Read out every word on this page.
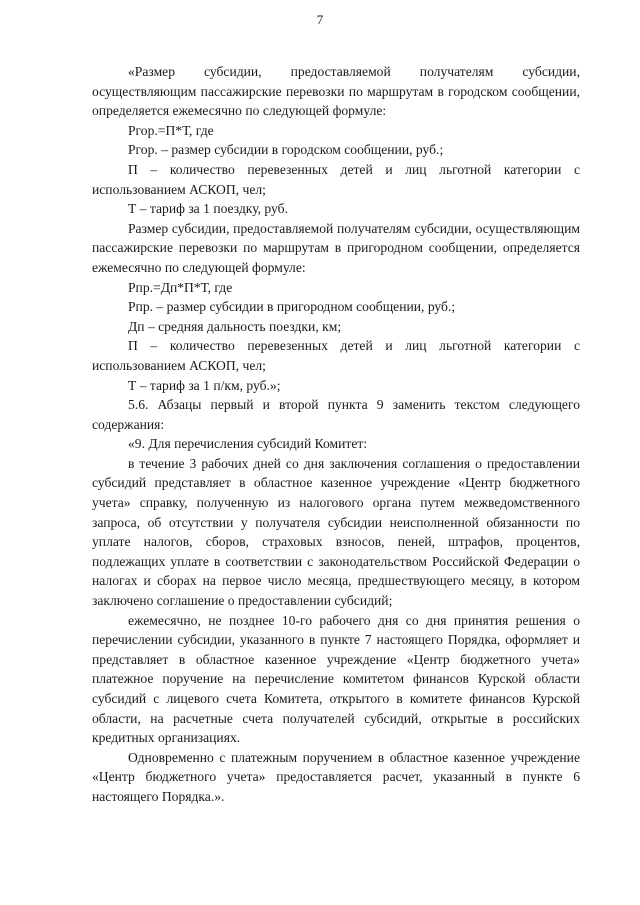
7

«Размер субсидии, предоставляемой получателям субсидии, осуществляющим пассажирские перевозки по маршрутам в городском сообщении, определяется ежемесячно по следующей формуле:

Ргор.=П*Т, где

Ргор. – размер субсидии в городском сообщении, руб.;

П – количество перевезенных детей и лиц льготной категории с использованием АСКОП, чел;

Т – тариф за 1 поездку, руб.

Размер субсидии, предоставляемой получателям субсидии, осуществляющим пассажирские перевозки по маршрутам в пригородном сообщении, определяется ежемесячно по следующей формуле:

Рпр.=Дп*П*Т, где

Рпр. – размер субсидии в пригородном сообщении, руб.;

Дп – средняя дальность поездки, км;

П – количество перевезенных детей и лиц льготной категории с использованием АСКОП, чел;

Т – тариф за 1 п/км, руб.»;

5.6. Абзацы первый и второй пункта 9 заменить текстом следующего содержания:

«9. Для перечисления субсидий Комитет:

в течение 3 рабочих дней со дня заключения соглашения о предоставлении субсидий представляет в областное казенное учреждение «Центр бюджетного учета» справку, полученную из налогового органа путем межведомственного запроса, об отсутствии у получателя субсидии неисполненной обязанности по уплате налогов, сборов, страховых взносов, пеней, штрафов, процентов, подлежащих уплате в соответствии с законодательством Российской Федерации о налогах и сборах на первое число месяца, предшествующего месяцу, в котором заключено соглашение о предоставлении субсидий;

ежемесячно, не позднее 10-го рабочего дня со дня принятия решения о перечислении субсидии, указанного в пункте 7 настоящего Порядка, оформляет и представляет в областное казенное учреждение «Центр бюджетного учета» платежное поручение на перечисление комитетом финансов Курской области субсидий с лицевого счета Комитета, открытого в комитете финансов Курской области, на расчетные счета получателей субсидий, открытые в российских кредитных организациях.

Одновременно с платежным поручением в областное казенное учреждение «Центр бюджетного учета» предоставляется расчет, указанный в пункте 6 настоящего Порядка.».
